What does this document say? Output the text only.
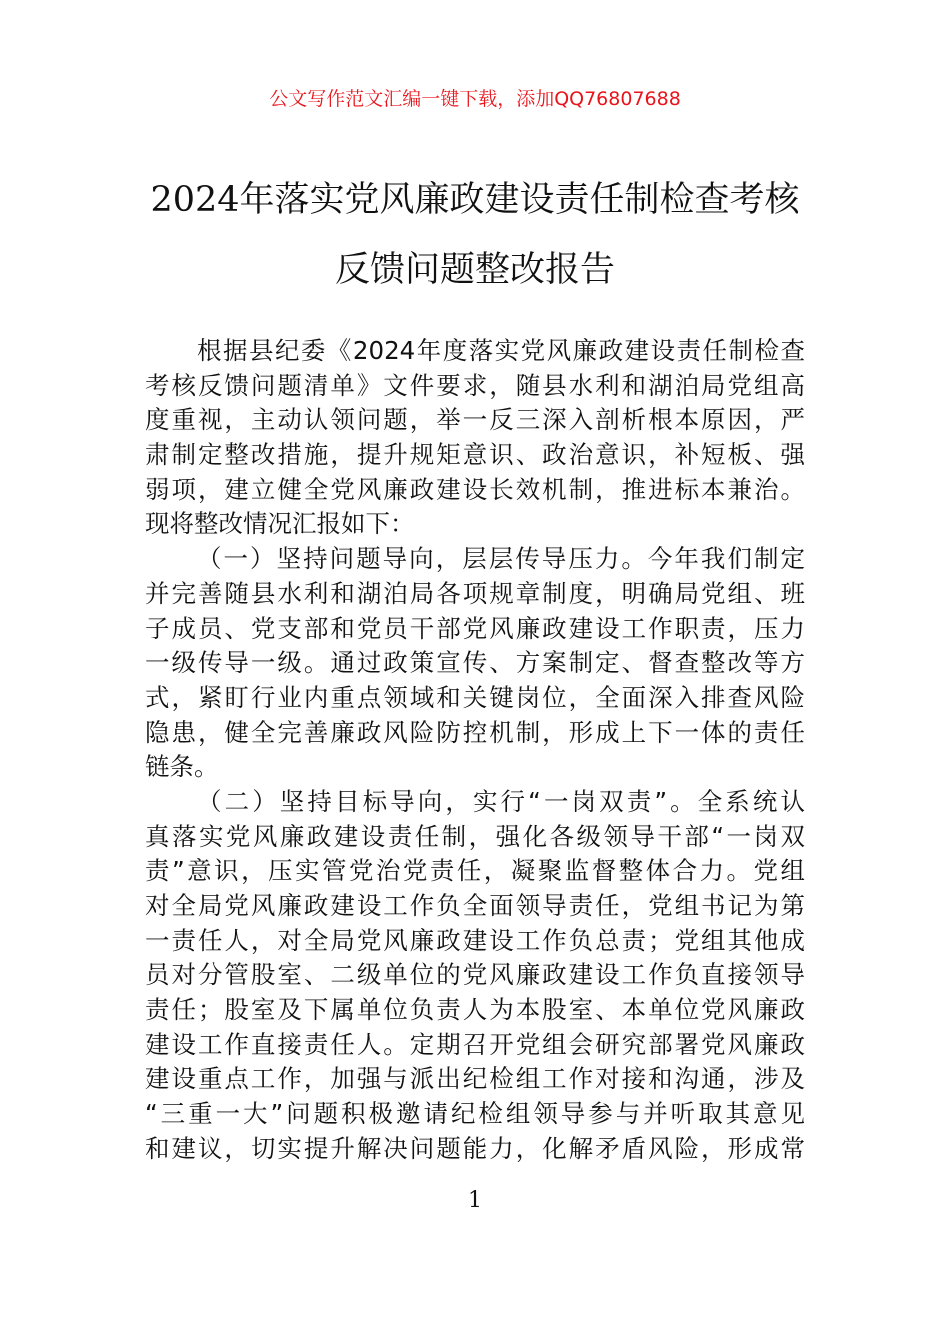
公文写作范文汇编一键下载，添加QQ76807688
2024年落实党风廉政建设责任制检查考核
反馈问题整改报告
根据县纪委《2024年度落实党风廉政建设责任制检查
考核反馈问题清单》文件要求，随县水利和湖泊局党组高
度重视，主动认领问题，举一反三深入剖析根本原因，严
肃制定整改措施，提升规矩意识、政治意识，补短板、强
弱项，建立健全党风廉政建设长效机制，推进标本兼治。
现将整改情况汇报如下：
（一）坚持问题导向，层层传导压力。今年我们制定
并完善随县水利和湖泊局各项规章制度，明确局党组、班
子成员、党支部和党员干部党风廉政建设工作职责，压力
一级传导一级。通过政策宣传、方案制定、督查整改等方
式，紧盯行业内重点领域和关键岗位，全面深入排查风险
隐患，健全完善廉政风险防控机制，形成上下一体的责任
链条。
（二）坚持目标导向，实行“一岗双责”。全系统认
真落实党风廉政建设责任制，强化各级领导干部“一岗双
责”意识，压实管党治党责任，凝聚监督整体合力。党组
对全局党风廉政建设工作负全面领导责任，党组书记为第
一责任人，对全局党风廉政建设工作负总责；党组其他成
员对分管股室、二级单位的党风廉政建设工作负直接领导
责任；股室及下属单位负责人为本股室、本单位党风廉政
建设工作直接责任人。定期召开党组会研究部署党风廉政
建设重点工作，加强与派出纪检组工作对接和沟通，涉及
“三重一大”问题积极邀请纪检组领导参与并听取其意见
和建议，切实提升解决问题能力，化解矛盾风险，形成常
1
